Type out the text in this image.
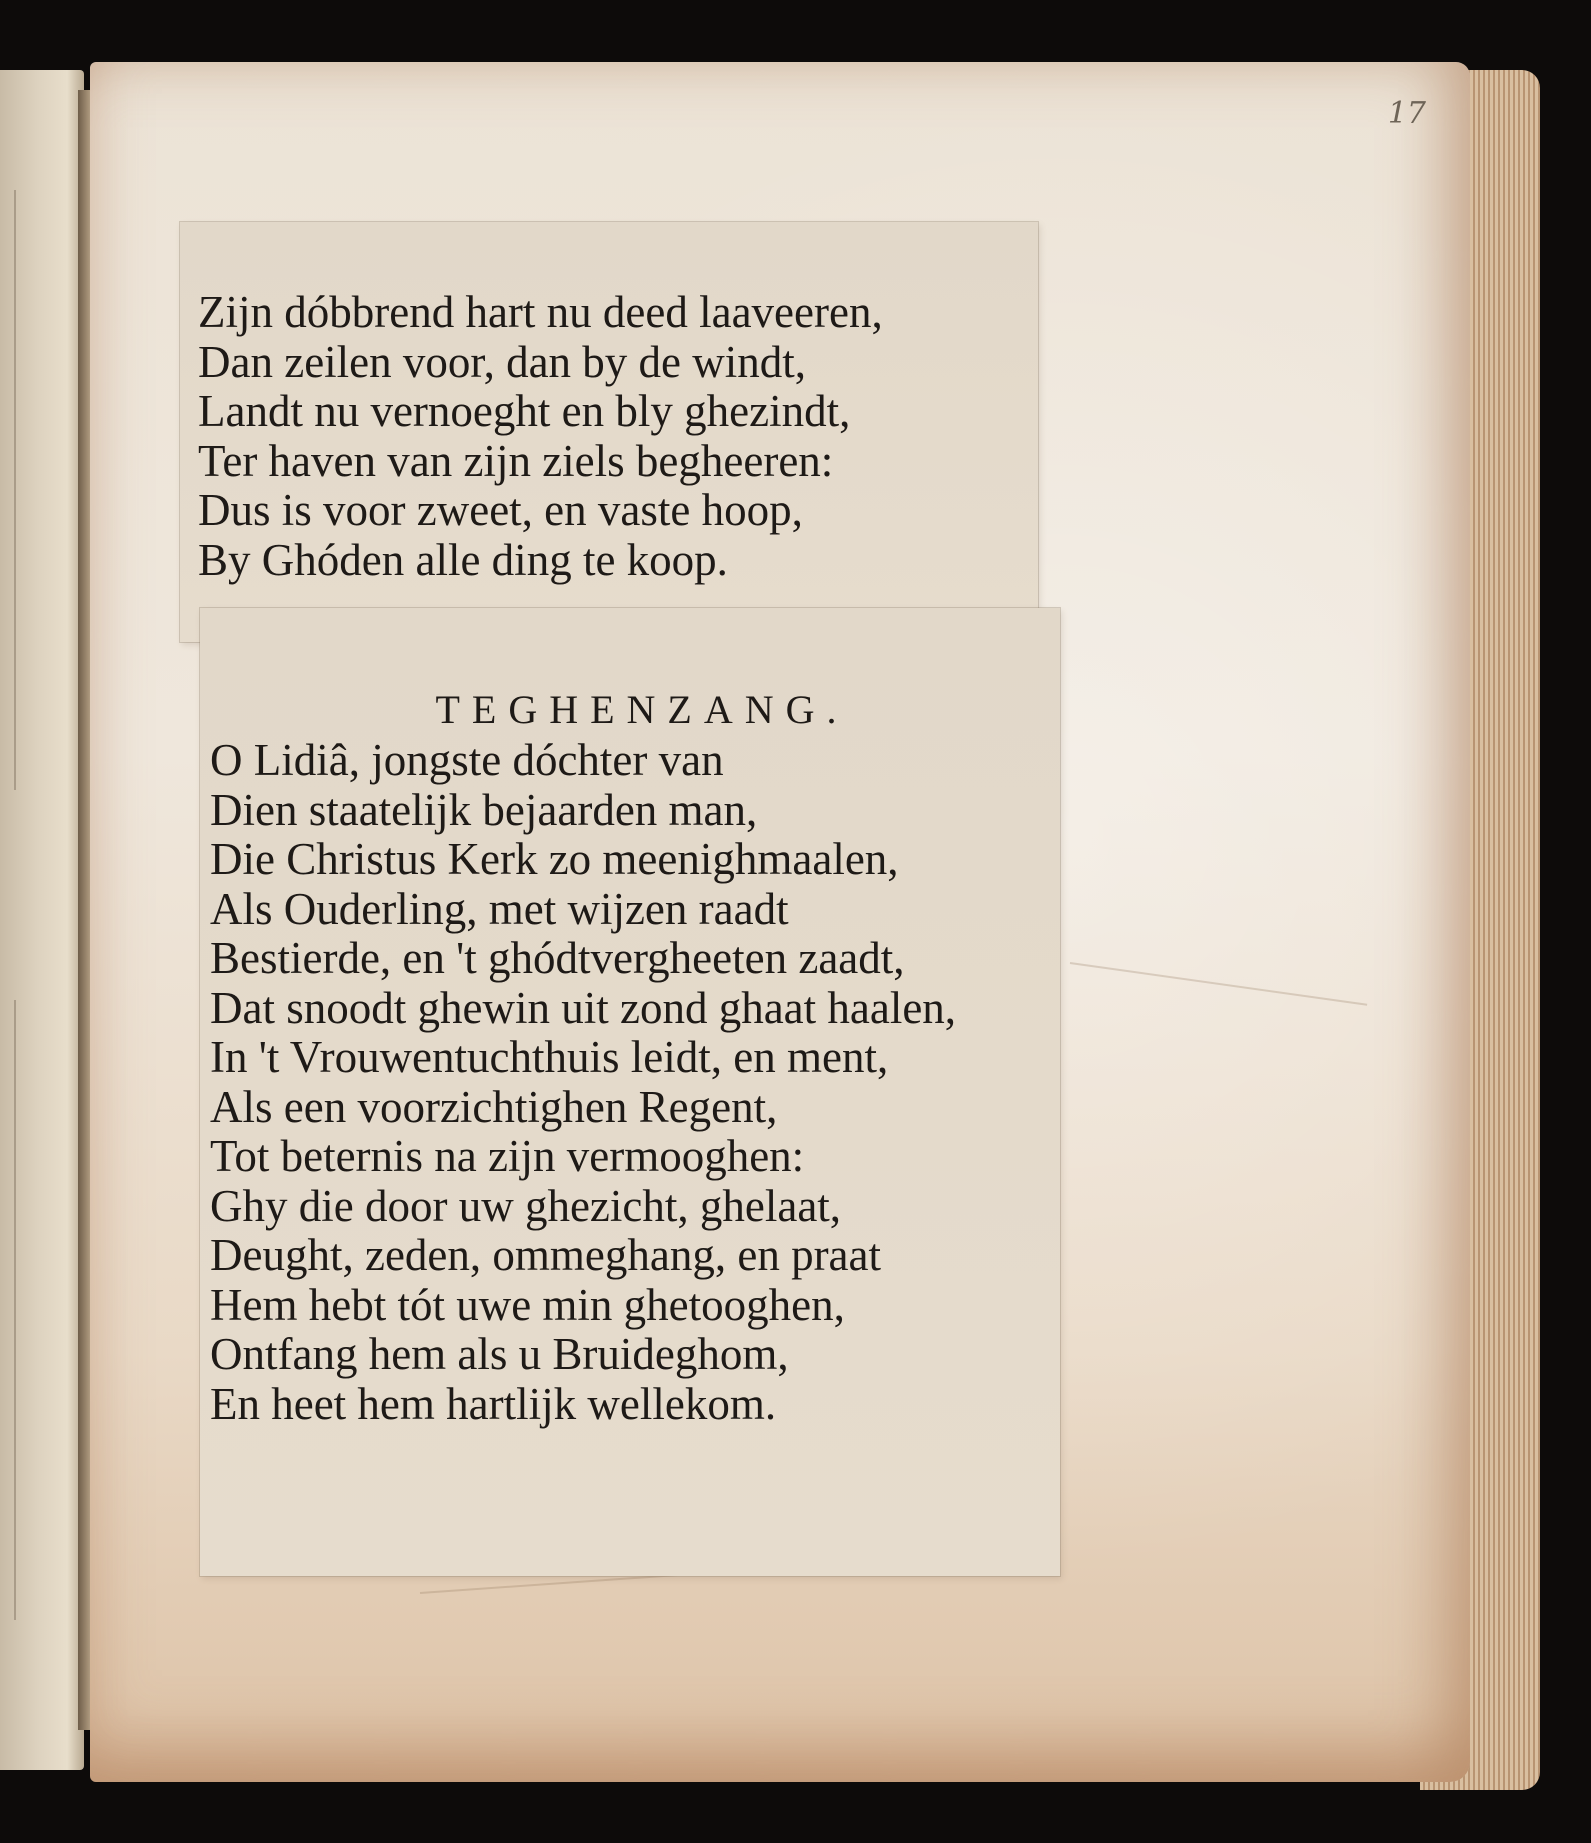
17
Zijn dóbbrend hart nu deed laaveeren,
Dan zeilen voor, dan by de windt,
Landt nu vernoeght en bly ghezindt,
Ter haven van zijn ziels begheeren:
Dus is voor zweet, en vaste hoop,
By Ghóden alle ding te koop.
TEGHENZANG.
O Lidiâ, jongste dóchter van
Dien staatelijk bejaarden man,
Die Christus Kerk zo meenighmaalen,
Als Ouderling, met wijzen raadt
Bestierde, en 't ghódtvergheeten zaadt,
Dat snoodt ghewin uit zond ghaat haalen,
In 't Vrouwentuchthuis leidt, en ment,
Als een voorzichtighen Regent,
Tot beternis na zijn vermooghen:
Ghy die door uw ghezicht, ghelaat,
Deught, zeden, ommeghang, en praat
Hem hebt tót uwe min ghetooghen,
Ontfang hem als u Bruideghom,
En heet hem hartlijk wellekom.
